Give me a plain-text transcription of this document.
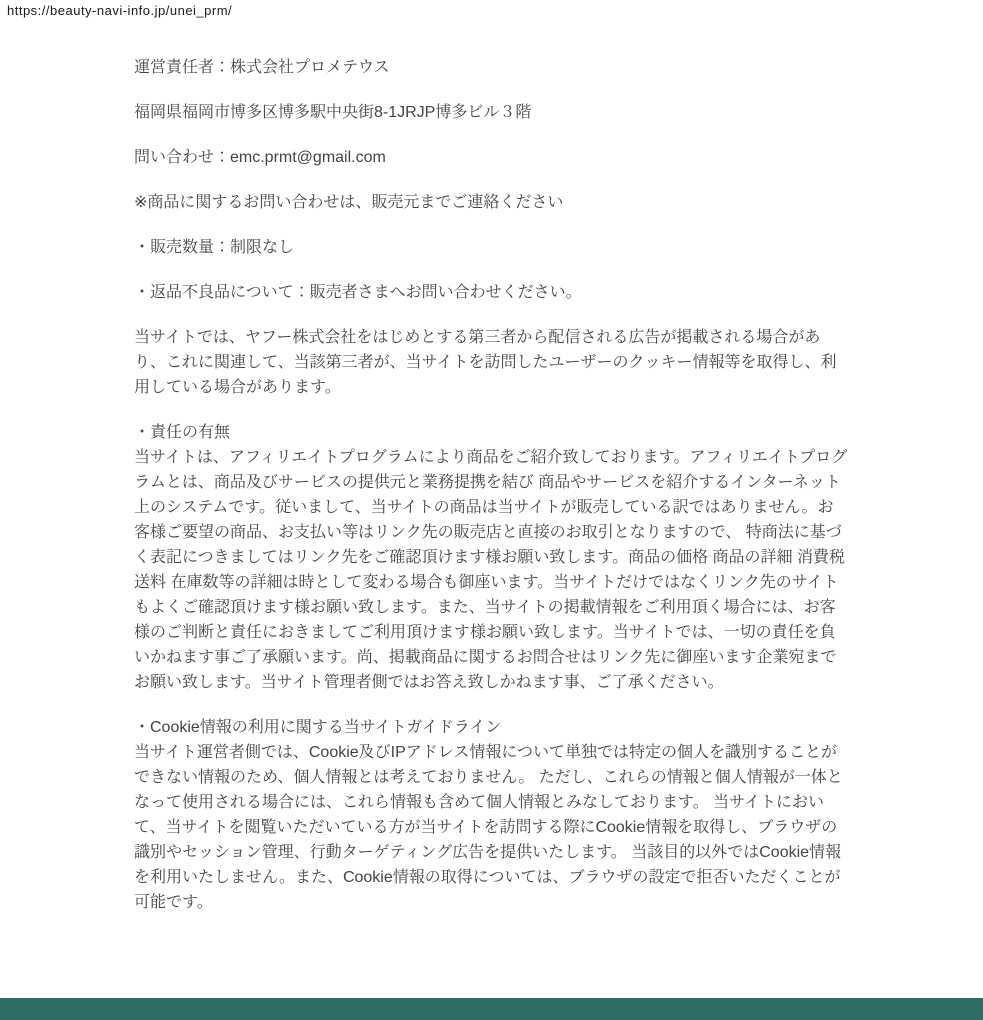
https://beauty-navi-info.jp/unei_prm/

運営責任者：株式会社プロメテウス

福岡県福岡市博多区博多駅中央街8-1JRJP博多ビル３階

問い合わせ：emc.prmt@gmail.com

※商品に関するお問い合わせは、販売元までご連絡ください

・販売数量：制限なし

・返品不良品について：販売者さまへお問い合わせください。

当サイトでは、ヤフー株式会社をはじめとする第三者から配信される広告が掲載される場合があり、これに関連して、当該第三者が、当サイトを訪問したユーザーのクッキー情報等を取得し、利用している場合があります。

・責任の有無
当サイトは、アフィリエイトプログラムにより商品をご紹介致しております。アフィリエイトプログラムとは、商品及びサービスの提供元と業務提携を結び 商品やサービスを紹介するインターネット上のシステムです。従いまして、当サイトの商品は当サイトが販売している訳ではありません。お客様ご要望の商品、お支払い等はリンク先の販売店と直接のお取引となりますので、 特商法に基づく表記につきましてはリンク先をご確認頂けます様お願い致します。商品の価格 商品の詳細 消費税 送料 在庫数等の詳細は時として変わる場合も御座います。当サイトだけではなくリンク先のサイトもよくご確認頂けます様お願い致します。また、当サイトの掲載情報をご利用頂く場合には、お客様のご判断と責任におきましてご利用頂けます様お願い致します。当サイトでは、一切の責任を負いかねます事ご了承願います。尚、掲載商品に関するお問合せはリンク先に御座います企業宛までお願い致します。当サイト管理者側ではお答え致しかねます事、ご了承ください。

・Cookie情報の利用に関する当サイトガイドライン
当サイト運営者側では、Cookie及びIPアドレス情報について単独では特定の個人を識別することができない情報のため、個人情報とは考えておりません。 ただし、これらの情報と個人情報が一体となって使用される場合には、これら情報も含めて個人情報とみなしております。 当サイトにおいて、当サイトを閲覧いただいている方が当サイトを訪問する際にCookie情報を取得し、ブラウザの識別やセッション管理、行動ターゲティング広告を提供いたします。 当該目的以外ではCookie情報を利用いたしません。また、Cookie情報の取得については、ブラウザの設定で拒否いただくことが可能です。
